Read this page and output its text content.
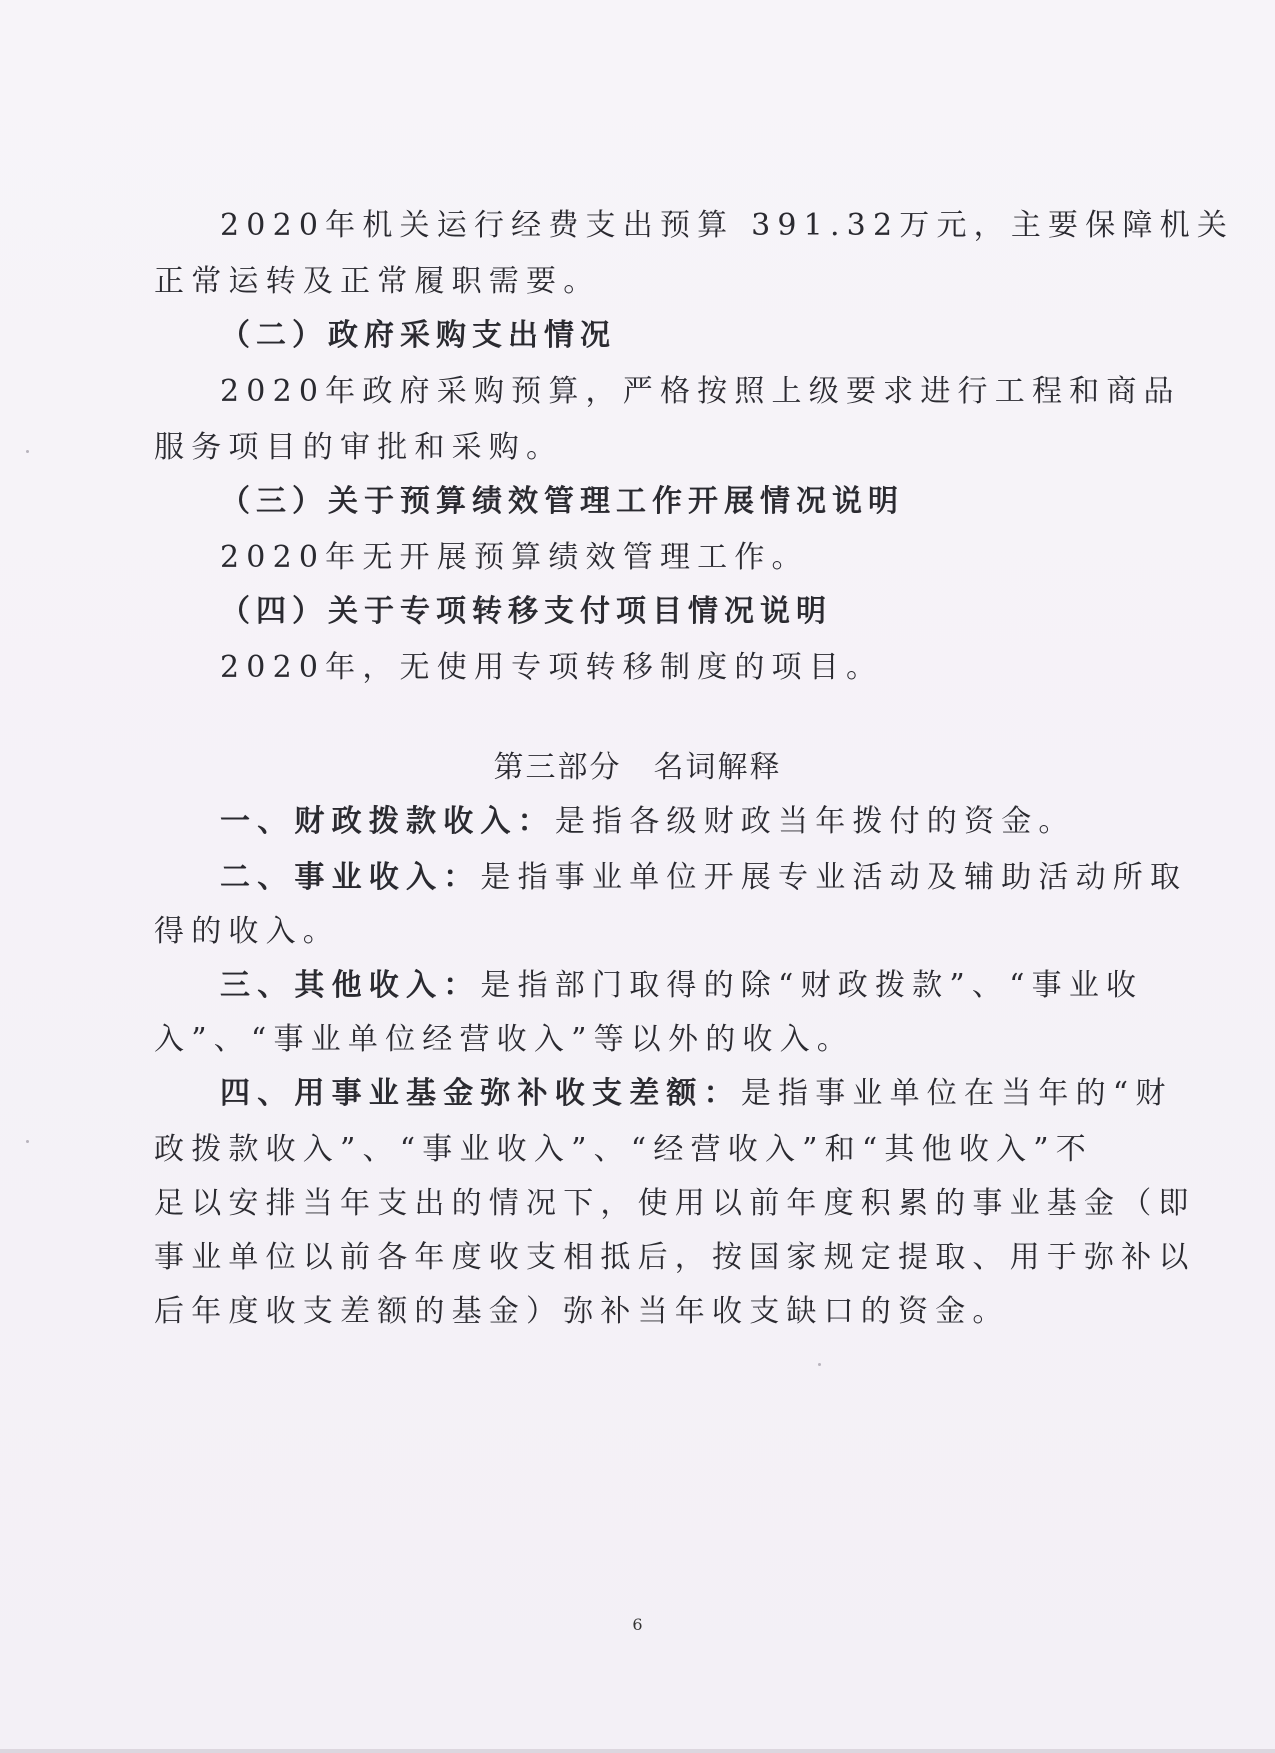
2020年机关运行经费支出预算 391.32万元，主要保障机关
正常运转及正常履职需要。
（二）政府采购支出情况
2020年政府采购预算，严格按照上级要求进行工程和商品
服务项目的审批和采购。
（三）关于预算绩效管理工作开展情况说明
2020年无开展预算绩效管理工作。
（四）关于专项转移支付项目情况说明
2020年，无使用专项转移制度的项目。
第三部分　名词解释
一、财政拨款收入：是指各级财政当年拨付的资金。
二、事业收入：是指事业单位开展专业活动及辅助活动所取
得的收入。
三、其他收入：是指部门取得的除“财政拨款”、“事业收
入”、“事业单位经营收入”等以外的收入。
四、用事业基金弥补收支差额：是指事业单位在当年的“财
政拨款收入”、“事业收入”、“经营收入”和“其他收入”不
足以安排当年支出的情况下，使用以前年度积累的事业基金（即
事业单位以前各年度收支相抵后，按国家规定提取、用于弥补以
后年度收支差额的基金）弥补当年收支缺口的资金。
6
